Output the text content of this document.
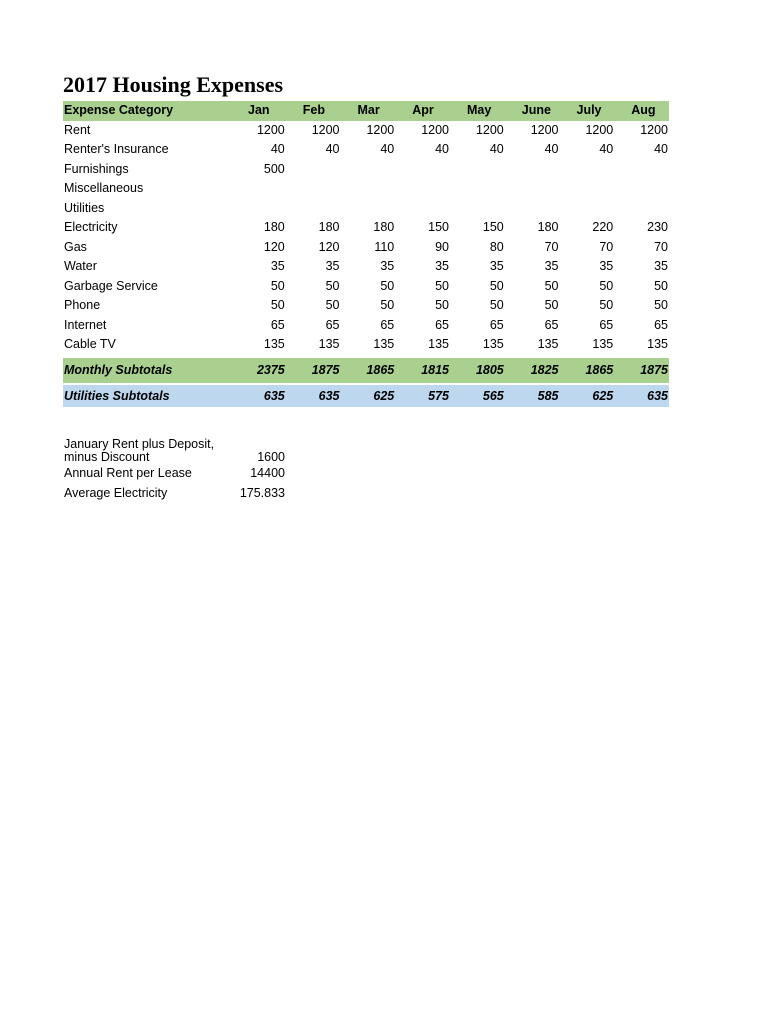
2017 Housing Expenses
Expense Category	Jan	Feb	Mar	Apr	May	June	July	Aug
Rent	1200	1200	1200	1200	1200	1200	1200	1200
Renter's Insurance	40	40	40	40	40	40	40	40
Furnishings	500							
Miscellaneous								
Utilities								
Electricity	180	180	180	150	150	180	220	230
Gas	120	120	110	90	80	70	70	70
Water	35	35	35	35	35	35	35	35
Garbage Service	50	50	50	50	50	50	50	50
Phone	50	50	50	50	50	50	50	50
Internet	65	65	65	65	65	65	65	65
Cable TV	135	135	135	135	135	135	135	135
Monthly Subtotals	2375	1875	1865	1815	1805	1825	1865	1875
Utilities Subtotals	635	635	625	575	565	585	625	635
January Rent plus Deposit,
minus Discount	1600
Annual Rent per Lease	14400
Average Electricity	175.833
